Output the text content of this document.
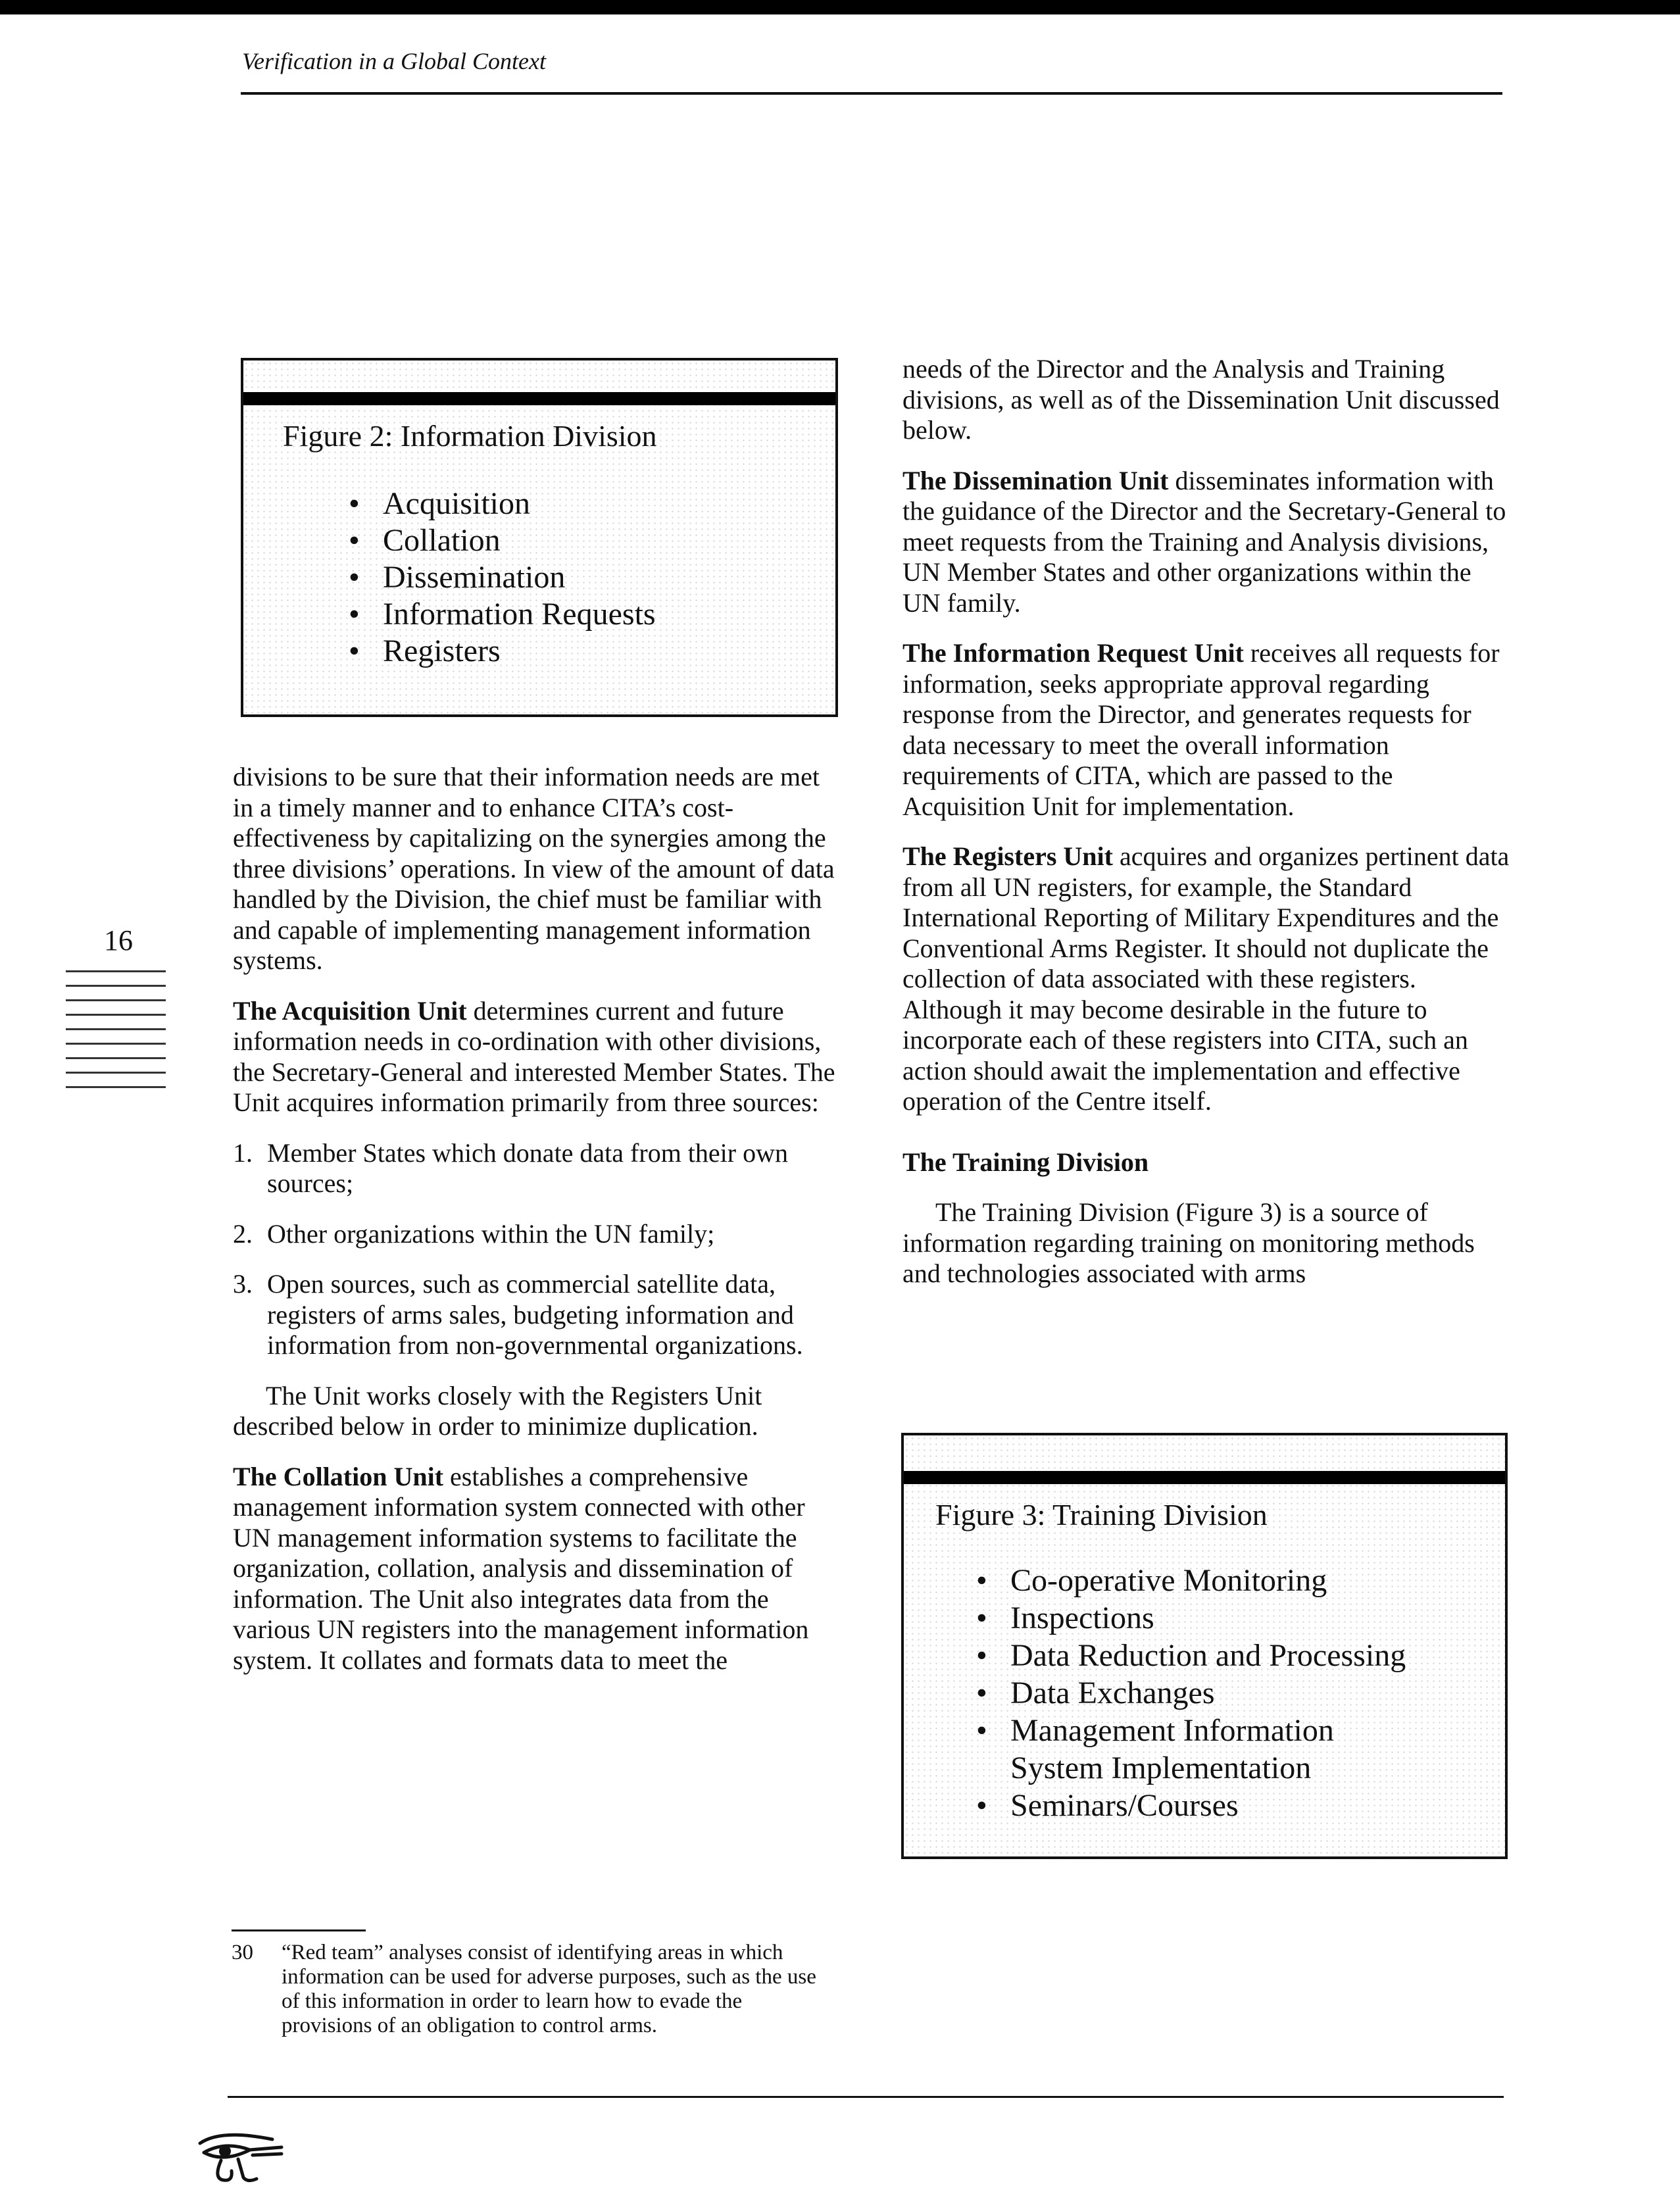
Verification in a Global Context
Figure 2: Information Division
• Acquisition
• Collation
• Dissemination
• Information Requests
• Registers
16

divisions to be sure that their information needs are met in a timely manner and to enhance CITA’s cost-effectiveness by capitalizing on the synergies among the three divisions’ operations. In view of the amount of data handled by the Division, the chief must be familiar with and capable of implementing management information systems.

The Acquisition Unit determines current and future information needs in co-ordination with other divisions, the Secretary-General and interested Member States. The Unit acquires information primarily from three sources:

1. Member States which donate data from their own sources;

2. Other organizations within the UN family;

3. Open sources, such as commercial satellite data, registers of arms sales, budgeting information and information from non-governmental organizations.

The Unit works closely with the Registers Unit described below in order to minimize duplication.

The Collation Unit establishes a comprehensive management information system connected with other UN management information systems to facilitate the organization, collation, analysis and dissemination of information. The Unit also integrates data from the various UN registers into the management information system. It collates and formats data to meet the

needs of the Director and the Analysis and Training divisions, as well as of the Dissemination Unit discussed below.

The Dissemination Unit disseminates information with the guidance of the Director and the Secretary-General to meet requests from the Training and Analysis divisions, UN Member States and other organizations within the UN family.

The Information Request Unit receives all requests for information, seeks appropriate approval regarding response from the Director, and generates requests for data necessary to meet the overall information requirements of CITA, which are passed to the Acquisition Unit for implementation.

The Registers Unit acquires and organizes pertinent data from all UN registers, for example, the Standard International Reporting of Military Expenditures and the Conventional Arms Register. It should not duplicate the collection of data associated with these registers. Although it may become desirable in the future to incorporate each of these registers into CITA, such an action should await the implementation and effective operation of the Centre itself.

The Training Division

The Training Division (Figure 3) is a source of information regarding training on monitoring methods and technologies associated with arms

Figure 3: Training Division
• Co-operative Monitoring
• Inspections
• Data Reduction and Processing
• Data Exchanges
• Management Information System Implementation
• Seminars/Courses
30 “Red team” analyses consist of identifying areas in which information can be used for adverse purposes, such as the use of this information in order to learn how to evade the provisions of an obligation to control arms.
